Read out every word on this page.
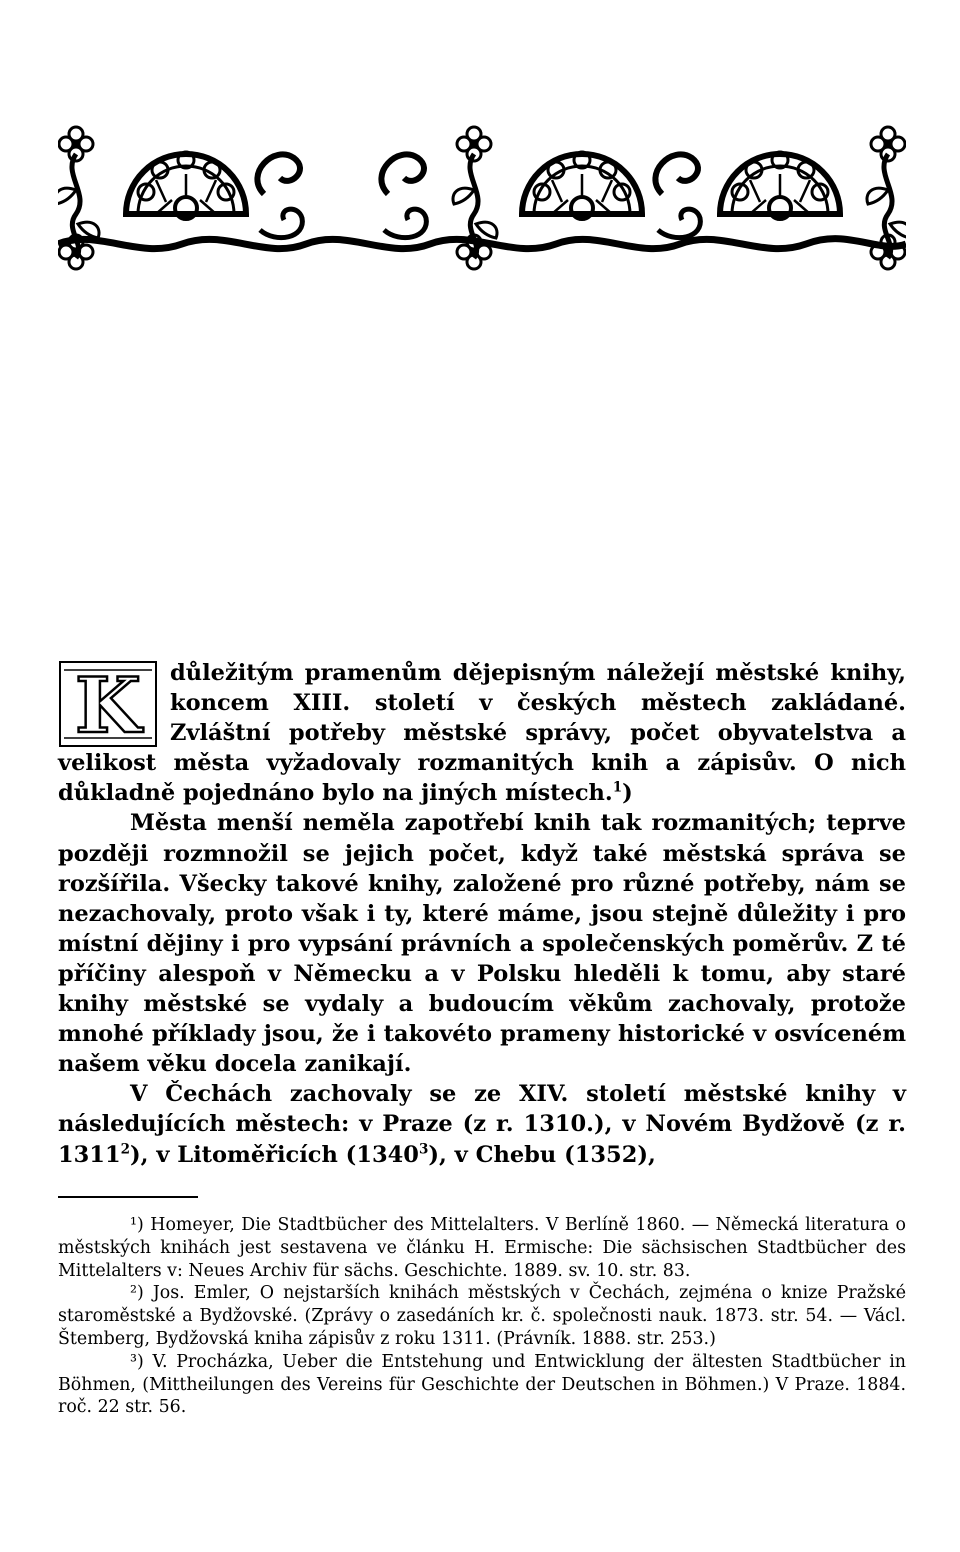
K důležitým pramenům dějepisným náležejí městské knihy, koncem XIII. století v českých městech zakládané. Zvláštní potřeby městské správy, počet obyvatelstva a velikost města vyžadovaly rozmanitých knih a zápisův. O nich důkladně pojednáno bylo na jiných místech.$^1$)

Města menší neměla zapotřebí knih tak rozmanitých; teprve později rozmnožil se jejich počet, když také městská správa se rozšířila. Všecky takové knihy, založené pro různé potřeby, nám se nezachovaly, proto však i ty, které máme, jsou stejně důležity i pro místní dějiny i pro vypsání právních a společenských poměrův. Z té příčiny alespoň v Německu a v Polsku hleděli k tomu, aby staré knihy městské se vydaly a budoucím věkům zachovaly, protože mnohé příklady jsou, že i takovéto prameny historické v osvíceném našem věku docela zanikají.

V Čechách zachovaly se ze XIV. století městské knihy v následujících městech: v Praze (z r. 1310.), v Novém Bydžově (z r. 1311$^2$), v Litoměřicích (1340$^3$), v Chebu (1352),

¹) Homeyer, Die Stadtbücher des Mittelalters. V Berlíně 1860. — Německá literatura o městských knihách jest sestavena ve článku H. Ermische: Die sächsischen Stadtbücher des Mittelalters v: Neues Archiv für sächs. Geschichte. 1889. sv. 10. str. 83.

²) Jos. Emler, O nejstarších knihách městských v Čechách, zejména o knize Pražské staroměstské a Bydžovské. (Zprávy o zasedáních kr. č. společnosti nauk. 1873. str. 54. — Václ. Štemberg, Bydžovská kniha zápisův z roku 1311. (Právník. 1888. str. 253.)

³) V. Procházka, Ueber die Entstehung und Entwicklung der ältesten Stadtbücher in Böhmen, (Mittheilungen des Vereins für Geschichte der Deutschen in Böhmen.) V Praze. 1884. roč. 22 str. 56.
